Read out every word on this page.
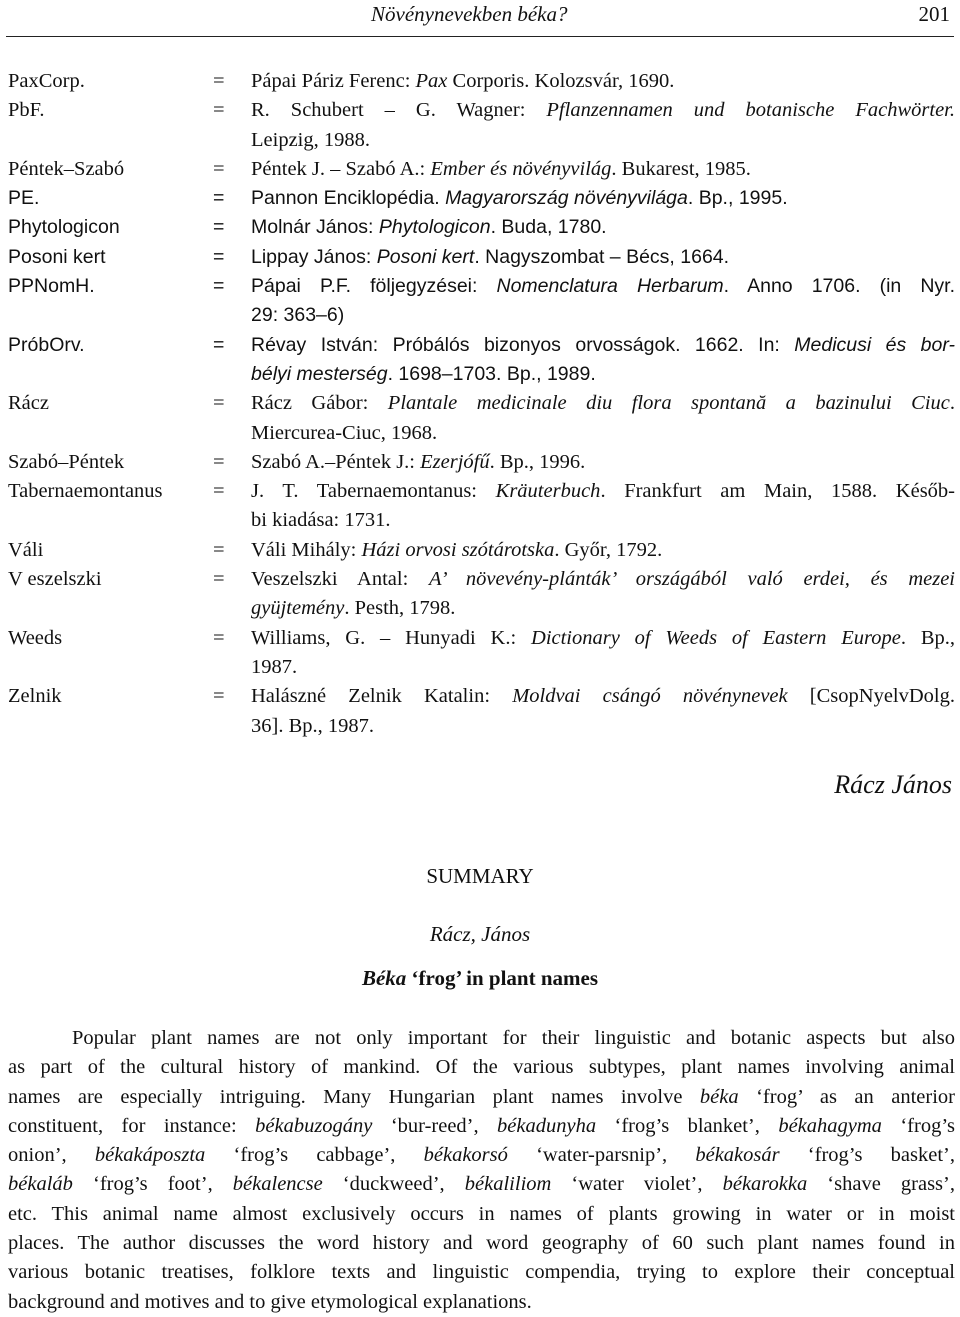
Növénynevekben béka?	201
PaxCorp.	= Pápai Páriz Ferenc: Pax Corporis. Kolozsvár, 1690.
PbF.	= R. Schubert – G. Wagner: Pflanzennamen und botanische Fachwörter.
Leipzig, 1988.
Péntek–Szabó	= Péntek J. – Szabó A.: Ember és növényvilág. Bukarest, 1985.
PE.	= Pannon Enciklopédia. Magyarország növényvilága. Bp., 1995.
Phytologicon	= Molnár János: Phytologicon. Buda, 1780.
Posoni kert	= Lippay János: Posoni kert. Nagyszombat – Bécs, 1664.
PPNomH.	= Pápai P.F. följegyzései: Nomenclatura Herbarum. Anno 1706. (in Nyr.
29: 363–6)
PróbOrv.	= Révay István: Próbálós bizonyos orvosságok. 1662. In: Medicusi és bor-
bélyi mesterség. 1698–1703. Bp., 1989.
Rácz	= Rácz Gábor: Plantale medicinale diu flora spontană a bazinului Ciuc.
Miercurea-Ciuc, 1968.
Szabó–Péntek	= Szabó A.–Péntek J.: Ezerjófű. Bp., 1996.
Tabernaemontanus = J. T. Tabernaemontanus: Kräuterbuch. Frankfurt am Main, 1588. Későb-
bi kiadása: 1731.
Váli	= Váli Mihály: Házi orvosi szótárotska. Győr, 1792.
V eszelszki	= Veszelszki Antal: A’ növevény-plánták’ országából való erdei, és mezei
gyüjtemény. Pesth, 1798.
Weeds	= Williams, G. – Hunyadi K.: Dictionary of Weeds of Eastern Europe. Bp.,
1987.
Zelnik	= Halászné Zelnik Katalin: Moldvai csángó növénynevek [CsopNyelvDolg.
36]. Bp., 1987.
Rácz János
SUMMARY
Rácz, János
Béka ‘frog’ in plant names
Popular plant names are not only important for their linguistic and botanic aspects but also
as part of the cultural history of mankind. Of the various subtypes, plant names involving animal
names are especially intriguing. Many Hungarian plant names involve béka ‘frog’ as an anterior
constituent, for instance: békabuzogány ‘bur-reed’, békadunyha ‘frog’s blanket’, békahagyma ‘frog’s
onion’, békakáposzta ‘frog’s cabbage’, békakorsó ‘water-parsnip’, békakosár ‘frog’s basket’,
békaláb ‘frog’s foot’, békalencse ‘duckweed’, békaliliom ‘water violet’, békarokka ‘shave grass’,
etc. This animal name almost exclusively occurs in names of plants growing in water or in moist
places. The author discusses the word history and word geography of 60 such plant names found in
various botanic treatises, folklore texts and linguistic compendia, trying to explore their conceptual
background and motives and to give etymological explanations.
